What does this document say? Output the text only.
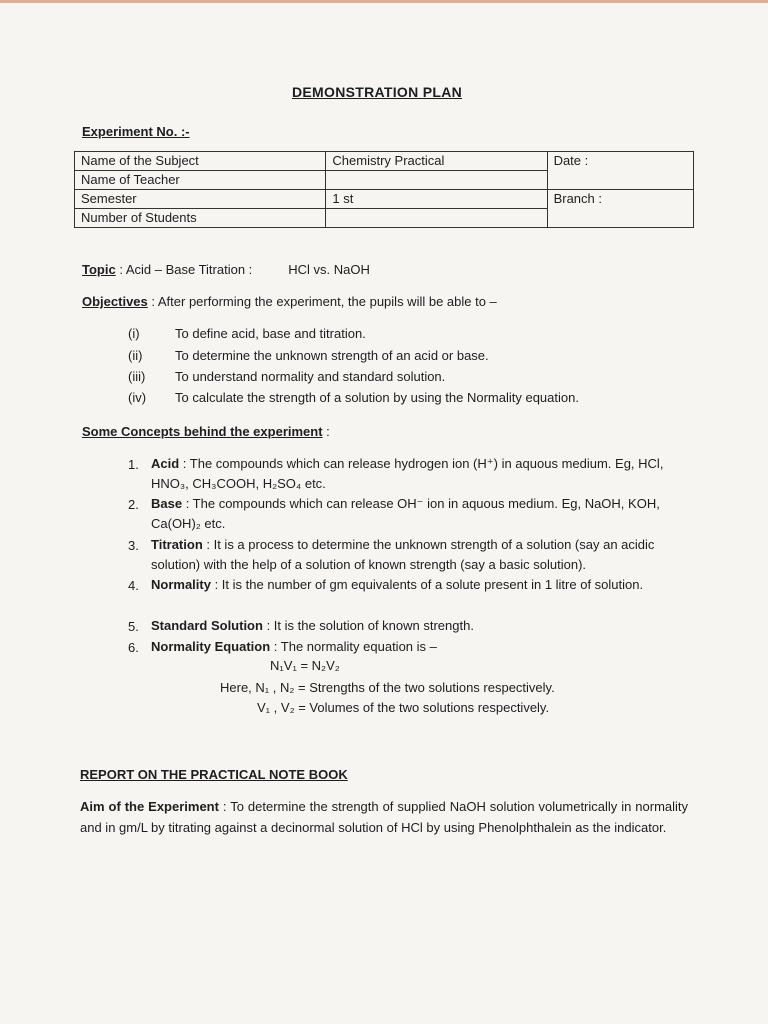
DEMONSTRATION PLAN
Experiment No. :-
Name of the Subject	Chemistry Practical	Date :
Name of Teacher		
Semester	1 st	Branch :
Number of Students		
Topic : Acid – Base Titration :	HCl vs. NaOH
Objectives : After performing the experiment, the pupils will be able to –
(i)	To define acid, base and titration.
(ii)	To determine the unknown strength of an acid or base.
(iii) To understand normality and standard solution.
(iv) To calculate the strength of a solution by using the Normality equation.
Some Concepts behind the experiment :
1. Acid : The compounds which can release hydrogen ion (H⁺) in aquous medium. Eg, HCl, HNO₃, CH₃COOH, H₂SO₄ etc.
2. Base : The compounds which can release OH⁻ ion in aquous medium. Eg, NaOH, KOH, Ca(OH)₂ etc.
3. Titration : It is a process to determine the unknown strength of a solution (say an acidic solution) with the help of a solution of known strength (say a basic solution).
4. Normality : It is the number of gm equivalents of a solute present in 1 litre of solution.
5. Standard Solution : It is the solution of known strength.
6. Normality Equation : The normality equation is –
N₁V₁ = N₂V₂
Here, N₁ , N₂ = Strengths of the two solutions respectively.
V₁ , V₂ = Volumes of the two solutions respectively.
REPORT ON THE PRACTICAL NOTE BOOK
Aim of the Experiment : To determine the strength of supplied NaOH solution volumetrically in normality and in gm/L by titrating against a decinormal solution of HCl by using Phenolphthalein as the indicator.
